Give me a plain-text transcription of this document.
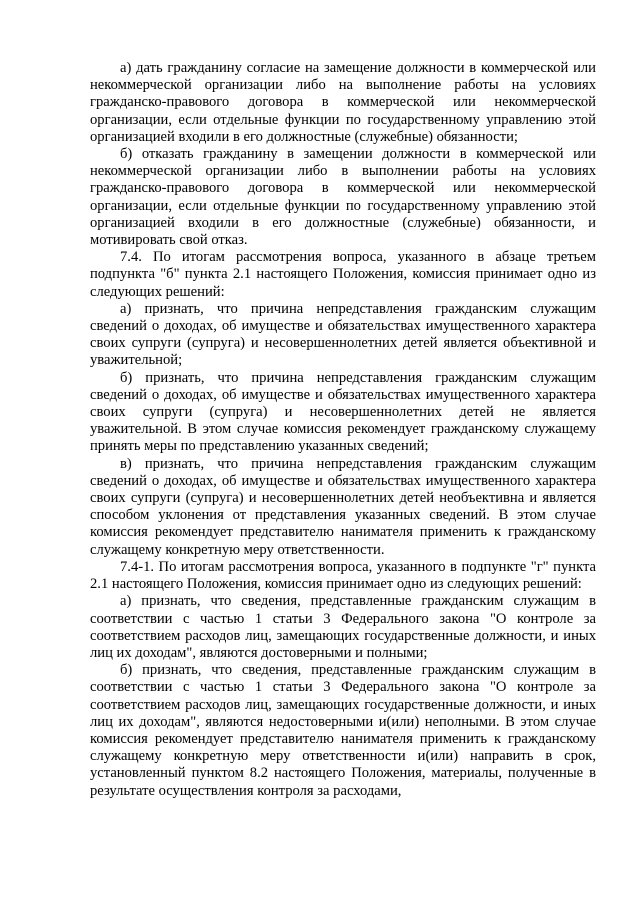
а) дать гражданину согласие на замещение должности в коммерческой или некоммерческой организации либо на выполнение работы на условиях гражданско-правового договора в коммерческой или некоммерческой организации, если отдельные функции по государственному управлению этой организацией входили в его должностные (служебные) обязанности;

б) отказать гражданину в замещении должности в коммерческой или некоммерческой организации либо в выполнении работы на условиях гражданско-правового договора в коммерческой или некоммерческой организации, если отдельные функции по государственному управлению этой организацией входили в его должностные (служебные) обязанности, и мотивировать свой отказ.

7.4. По итогам рассмотрения вопроса, указанного в абзаце третьем подпункта "б" пункта 2.1 настоящего Положения, комиссия принимает одно из следующих решений:

а) признать, что причина непредставления гражданским служащим сведений о доходах, об имуществе и обязательствах имущественного характера своих супруги (супруга) и несовершеннолетних детей является объективной и уважительной;

б) признать, что причина непредставления гражданским служащим сведений о доходах, об имуществе и обязательствах имущественного характера своих супруги (супруга) и несовершеннолетних детей не является уважительной. В этом случае комиссия рекомендует гражданскому служащему принять меры по представлению указанных сведений;

в) признать, что причина непредставления гражданским служащим сведений о доходах, об имуществе и обязательствах имущественного характера своих супруги (супруга) и несовершеннолетних детей необъективна и является способом уклонения от представления указанных сведений. В этом случае комиссия рекомендует представителю нанимателя применить к гражданскому служащему конкретную меру ответственности.

7.4-1. По итогам рассмотрения вопроса, указанного в подпункте "г" пункта 2.1 настоящего Положения, комиссия принимает одно из следующих решений:

а) признать, что сведения, представленные гражданским служащим в соответствии с частью 1 статьи 3 Федерального закона "О контроле за соответствием расходов лиц, замещающих государственные должности, и иных лиц их доходам", являются достоверными и полными;

б) признать, что сведения, представленные гражданским служащим в соответствии с частью 1 статьи 3 Федерального закона "О контроле за соответствием расходов лиц, замещающих государственные должности, и иных лиц их доходам", являются недостоверными и(или) неполными. В этом случае комиссия рекомендует представителю нанимателя применить к гражданскому служащему конкретную меру ответственности и(или) направить в срок, установленный пунктом 8.2 настоящего Положения, материалы, полученные в результате осуществления контроля за расходами,
